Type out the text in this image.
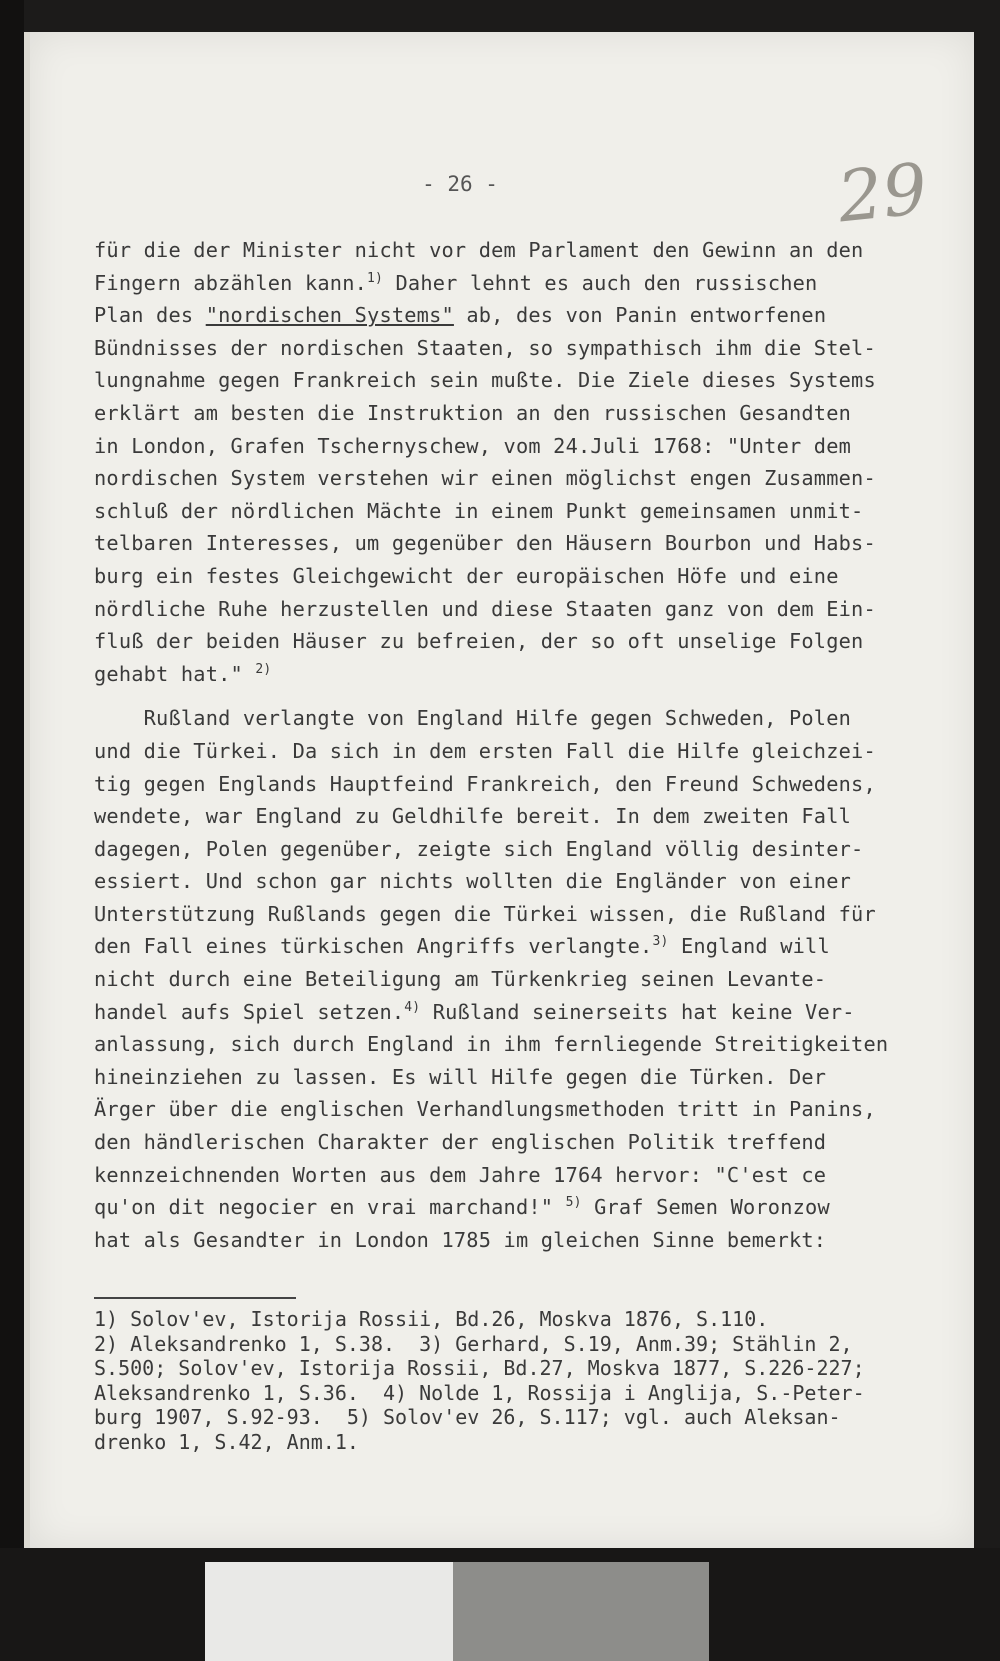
- 26 -	29
für die der Minister nicht vor dem Parlament den Gewinn an den
Fingern abzählen kann.$^{1)}$ Daher lehnt es auch den russischen
Plan des "nordischen Systems" ab, des von Panin entworfenen
Bündnisses der nordischen Staaten, so sympathisch ihm die Stel-
lungnahme gegen Frankreich sein mußte. Die Ziele dieses Systems
erklärt am besten die Instruktion an den russischen Gesandten
in London, Grafen Tschernyschew, vom 24.Juli 1768: "Unter dem
nordischen System verstehen wir einen möglichst engen Zusammen-
schluß der nördlichen Mächte in einem Punkt gemeinsamen unmit-
telbaren Interesses, um gegenüber den Häusern Bourbon und Habs-
burg ein festes Gleichgewicht der europäischen Höfe und eine
nördliche Ruhe herzustellen und diese Staaten ganz von dem Ein-
fluß der beiden Häuser zu befreien, der so oft unselige Folgen
gehabt hat." $^{2)}$
Rußland verlangte von England Hilfe gegen Schweden, Polen
und die Türkei. Da sich in dem ersten Fall die Hilfe gleichzei-
tig gegen Englands Hauptfeind Frankreich, den Freund Schwedens,
wendete, war England zu Geldhilfe bereit. In dem zweiten Fall
dagegen, Polen gegenüber, zeigte sich England völlig desinter-
essiert. Und schon gar nichts wollten die Engländer von einer
Unterstützung Rußlands gegen die Türkei wissen, die Rußland für
den Fall eines türkischen Angriffs verlangte.$^{3)}$ England will
nicht durch eine Beteiligung am Türkenkrieg seinen Levante-
handel aufs Spiel setzen.$^{4)}$ Rußland seinerseits hat keine Ver-
anlassung, sich durch England in ihm fernliegende Streitigkeiten
hineinziehen zu lassen. Es will Hilfe gegen die Türken. Der
Ärger über die englischen Verhandlungsmethoden tritt in Panins,
den händlerischen Charakter der englischen Politik treffend
kennzeichnenden Worten aus dem Jahre 1764 hervor: "C'est ce
qu'on dit negocier en vrai marchand!" $^{5)}$ Graf Semen Woronzow
hat als Gesandter in London 1785 im gleichen Sinne bemerkt:
1) Solov'ev, Istorija Rossii, Bd.26, Moskva 1876, S.110.
2) Aleksandrenko 1, S.38.  3) Gerhard, S.19, Anm.39; Stählin 2,
S.500; Solov'ev, Istorija Rossii, Bd.27, Moskva 1877, S.226-227;
Aleksandrenko 1, S.36.  4) Nolde 1, Rossija i Anglija, S.-Peter-
burg 1907, S.92-93.  5) Solov'ev 26, S.117; vgl. auch Aleksan-
drenko 1, S.42, Anm.1.
